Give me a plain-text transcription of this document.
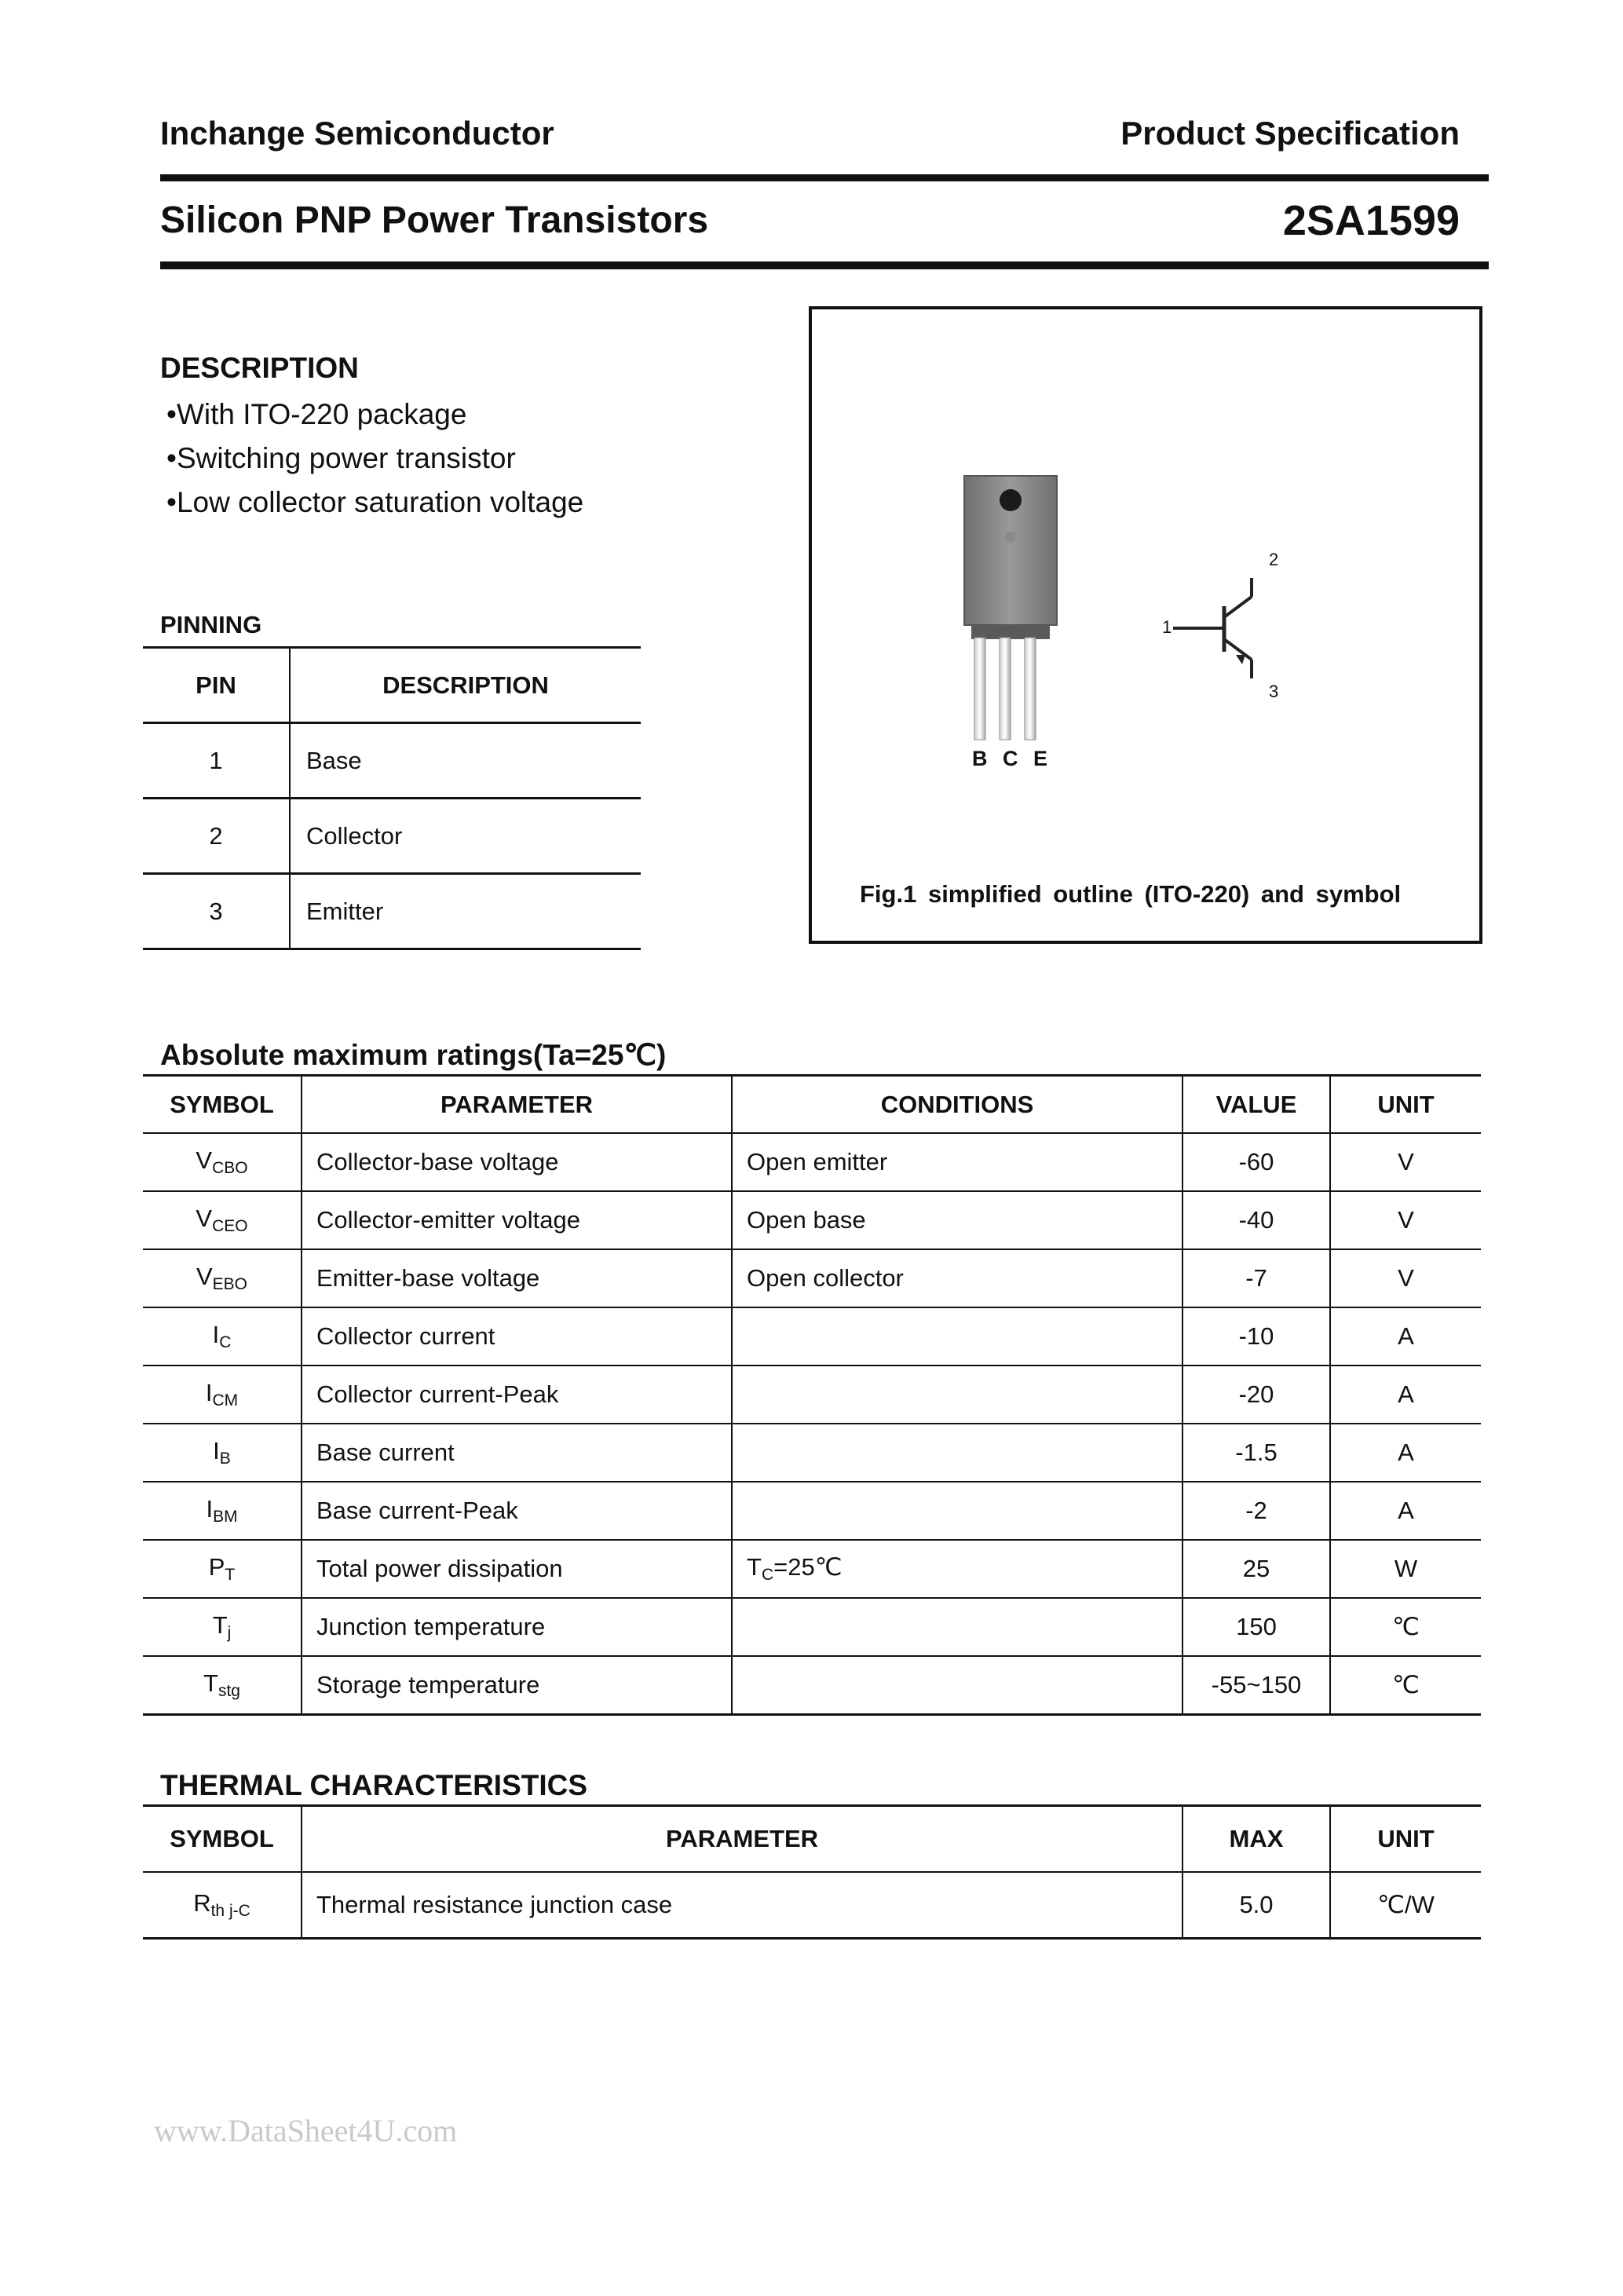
Inchange Semiconductor	Product Specification
Silicon PNP Power Transistors	2SA1599
DESCRIPTION
• With ITO-220 package
• Switching power transistor
• Low collector saturation voltage
PINNING
PIN	DESCRIPTION
1	Base
2	Collector
3	Emitter
B C E
1
2
3
Fig.1 simplified outline (ITO-220) and symbol
Absolute maximum ratings(Ta=25℃)
SYMBOL	PARAMETER	CONDITIONS	VALUE	UNIT
VCBO	Collector-base voltage	Open emitter	-60	V
VCEO	Collector-emitter voltage	Open base	-40	V
VEBO	Emitter-base voltage	Open collector	-7	V
IC	Collector current		-10	A
ICM	Collector current-Peak		-20	A
IB	Base current		-1.5	A
IBM	Base current-Peak		-2	A
PT	Total power dissipation	TC=25℃	25	W
Tj	Junction temperature		150	℃
Tstg	Storage temperature		-55~150	℃
THERMAL CHARACTERISTICS
SYMBOL	PARAMETER	MAX	UNIT
Rth j-C	Thermal resistance junction case	5.0	℃/W
www.DataSheet4U.com
